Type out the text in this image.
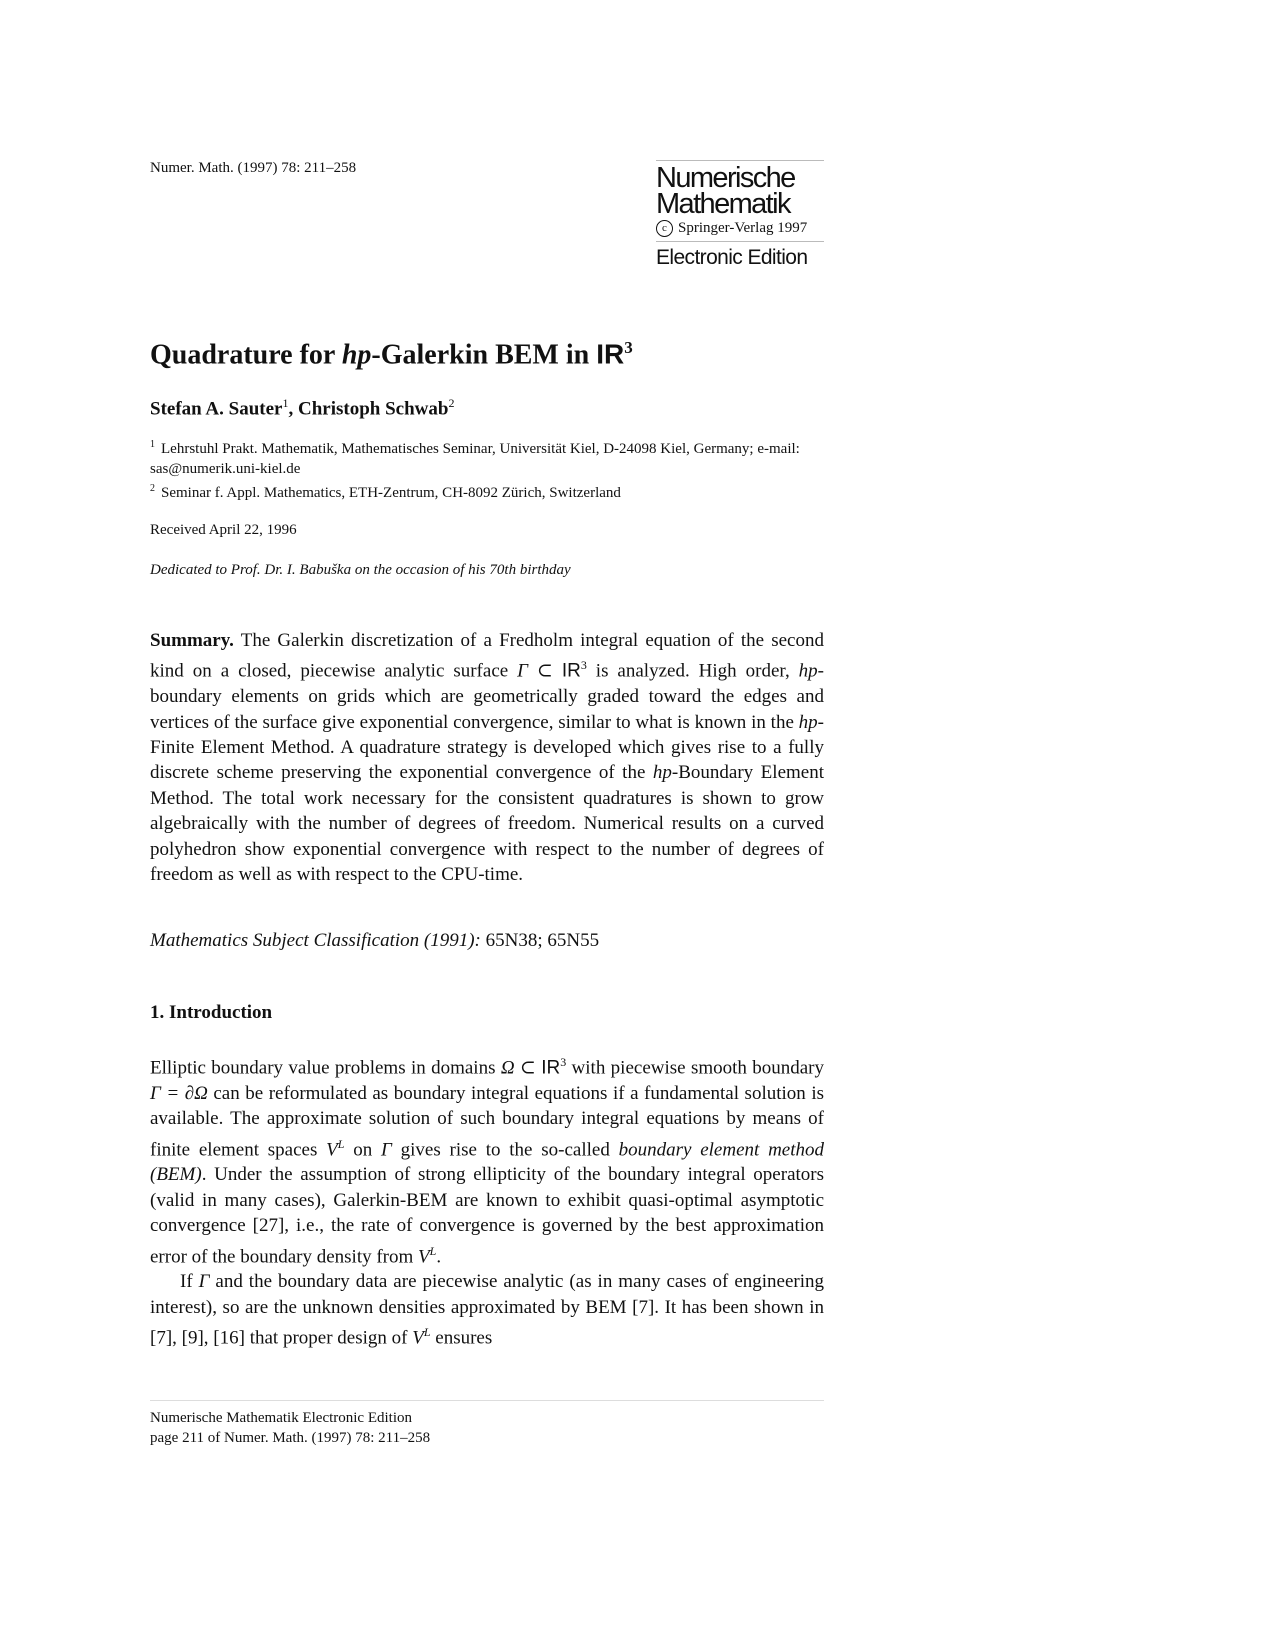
Numer. Math. (1997) 78: 211–258	Numerische
Mathematik
c Springer-Verlag 1997
Electronic Edition
Quadrature for hp-Galerkin BEM in $IR^3$
Stefan A. Sauter$^1$, Christoph Schwab$^2$
$^1$ Lehrstuhl Prakt. Mathematik, Mathematisches Seminar, Universität Kiel, D-24098 Kiel, Germany; e-mail: sas@numerik.uni-kiel.de
$^2$ Seminar f. Appl. Mathematics, ETH-Zentrum, CH-8092 Zürich, Switzerland
Received April 22, 1996
Dedicated to Prof. Dr. I. Babuška on the occasion of his 70th birthday
Summary. The Galerkin discretization of a Fredholm integral equation of the second kind on a closed, piecewise analytic surface Γ ⊂ $IR^3$ is analyzed. High order, hp-boundary elements on grids which are geometrically graded toward the edges and vertices of the surface give exponential convergence, similar to what is known in the hp-Finite Element Method. A quadrature strategy is developed which gives rise to a fully discrete scheme preserving the exponential convergence of the hp-Boundary Element Method. The total work necessary for the consistent quadratures is shown to grow algebraically with the number of degrees of freedom. Numerical results on a curved polyhedron show exponential convergence with respect to the number of degrees of freedom as well as with respect to the CPU-time.
Mathematics Subject Classification (1991): 65N38; 65N55
1. Introduction

Elliptic boundary value problems in domains Ω ⊂ $IR^3$ with piecewise smooth boundary Γ = ∂Ω can be reformulated as boundary integral equations if a fundamental solution is available. The approximate solution of such boundary integral equations by means of finite element spaces $V^L$ on Γ gives rise to the so-called boundary element method (BEM). Under the assumption of strong ellipticity of the boundary integral operators (valid in many cases), Galerkin-BEM are known to exhibit quasi-optimal asymptotic convergence [27], i.e., the rate of convergence is governed by the best approximation error of the boundary density from $V^L$.

If Γ and the boundary data are piecewise analytic (as in many cases of engineering interest), so are the unknown densities approximated by BEM [7]. It has been shown in [7], [9], [16] that proper design of $V^L$ ensures

Numerische Mathematik Electronic Edition
page 211 of Numer. Math. (1997) 78: 211–258
